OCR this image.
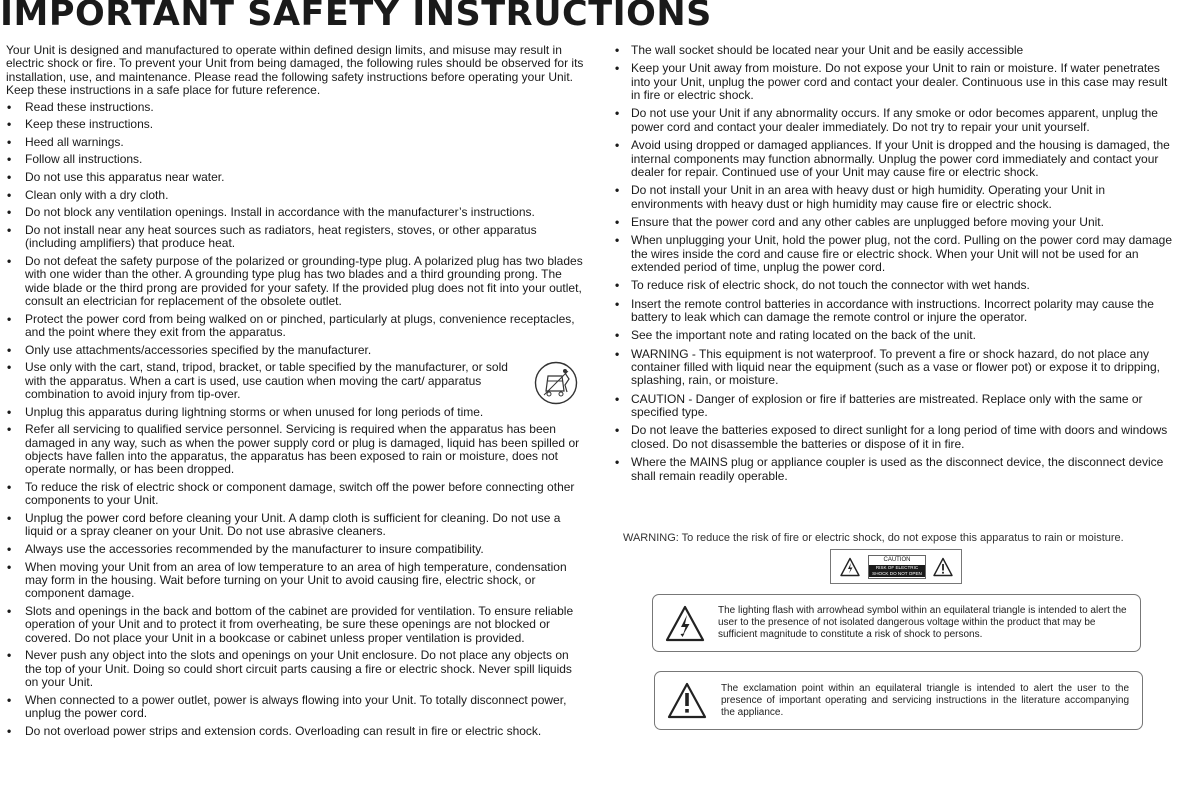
IMPORTANT SAFETY INSTRUCTIONS

Your Unit is designed and manufactured to operate within defined design limits, and misuse may result in electric shock or fire. To prevent your Unit from being damaged, the following rules should be observed for its installation, use, and maintenance. Please read the following safety instructions before operating your Unit. Keep these instructions in a safe place for future reference.

• Read these instructions.
• Keep these instructions.
• Heed all warnings.
• Follow all instructions.
• Do not use this apparatus near water.
• Clean only with a dry cloth.
• Do not block any ventilation openings. Install in accordance with the manufacturer’s instructions.
• Do not install near any heat sources such as radiators, heat registers, stoves, or other apparatus (including amplifiers) that produce heat.
• Do not defeat the safety purpose of the polarized or grounding-type plug. A polarized plug has two blades with one wider than the other. A grounding type plug has two blades and a third grounding prong. The wide blade or the third prong are provided for your safety. If the provided plug does not fit into your outlet, consult an electrician for replacement of the obsolete outlet.
• Protect the power cord from being walked on or pinched, particularly at plugs, convenience receptacles, and the point where they exit from the apparatus.
• Only use attachments/accessories specified by the manufacturer.
• Use only with the cart, stand, tripod, bracket, or table specified by the manufacturer, or sold with the apparatus. When a cart is used, use caution when moving the cart/ apparatus combination to avoid injury from tip-over.
• Unplug this apparatus during lightning storms or when unused for long periods of time.
• Refer all servicing to qualified service personnel. Servicing is required when the apparatus has been damaged in any way, such as when the power supply cord or plug is damaged, liquid has been spilled or objects have fallen into the apparatus, the apparatus has been exposed to rain or moisture, does not operate normally, or has been dropped.
• To reduce the risk of electric shock or component damage, switch off the power before connecting other components to your Unit.
• Unplug the power cord before cleaning your Unit. A damp cloth is sufficient for cleaning. Do not use a liquid or a spray cleaner on your Unit. Do not use abrasive cleaners.
• Always use the accessories recommended by the manufacturer to insure compatibility.
• When moving your Unit from an area of low temperature to an area of high temperature, condensation may form in the housing. Wait before turning on your Unit to avoid causing fire, electric shock, or component damage.
• Slots and openings in the back and bottom of the cabinet are provided for ventilation. To ensure reliable operation of your Unit and to protect it from overheating, be sure these openings are not blocked or covered. Do not place your Unit in a bookcase or cabinet unless proper ventilation is provided.
• Never push any object into the slots and openings on your Unit enclosure. Do not place any objects on the top of your Unit. Doing so could short circuit parts causing a fire or electric shock. Never spill liquids on your Unit.
• When connected to a power outlet, power is always flowing into your Unit. To totally disconnect power, unplug the power cord.
• Do not overload power strips and extension cords. Overloading can result in fire or electric shock.
• The wall socket should be located near your Unit and be easily accessible
• Keep your Unit away from moisture. Do not expose your Unit to rain or moisture. If water penetrates into your Unit, unplug the power cord and contact your dealer. Continuous use in this case may result in fire or electric shock.
• Do not use your Unit if any abnormality occurs. If any smoke or odor becomes apparent, unplug the power cord and contact your dealer immediately. Do not try to repair your unit yourself.
• Avoid using dropped or damaged appliances. If your Unit is dropped and the housing is damaged, the internal components may function abnormally. Unplug the power cord immediately and contact your dealer for repair. Continued use of your Unit may cause fire or electric shock.
• Do not install your Unit in an area with heavy dust or high humidity. Operating your Unit in environments with heavy dust or high humidity may cause fire or electric shock.
• Ensure that the power cord and any other cables are unplugged before moving your Unit.
• When unplugging your Unit, hold the power plug, not the cord. Pulling on the power cord may damage the wires inside the cord and cause fire or electric shock. When your Unit will not be used for an extended period of time, unplug the power cord.
• To reduce risk of electric shock, do not touch the connector with wet hands.
• Insert the remote control batteries in accordance with instructions. Incorrect polarity may cause the battery to leak which can damage the remote control or injure the operator.
• See the important note and rating located on the back of the unit.
• WARNING - This equipment is not waterproof. To prevent a fire or shock hazard, do not place any container filled with liquid near the equipment (such as a vase or flower pot) or expose it to dripping, splashing, rain, or moisture.
• CAUTION - Danger of explosion or fire if batteries are mistreated. Replace only with the same or specified type.
• Do not leave the batteries exposed to direct sunlight for a long period of time with doors and windows closed. Do not disassemble the batteries or dispose of it in fire.
• Where the MAINS plug or appliance coupler is used as the disconnect device, the disconnect device shall remain readily operable.
WARNING: To reduce the risk of fire or electric shock, do not expose this apparatus to rain or moisture.
CAUTION
RISK OF ELECTRIC SHOCK DO NOT OPEN
The lighting flash with arrowhead symbol within an equilateral triangle is intended to alert the user to the presence of not isolated dangerous voltage within the product that may be sufficient magnitude to constitute a risk of shock to persons.
The exclamation point within an equilateral triangle is intended to alert the user to the presence of important operating and servicing instructions in the literature accompanying the appliance.
